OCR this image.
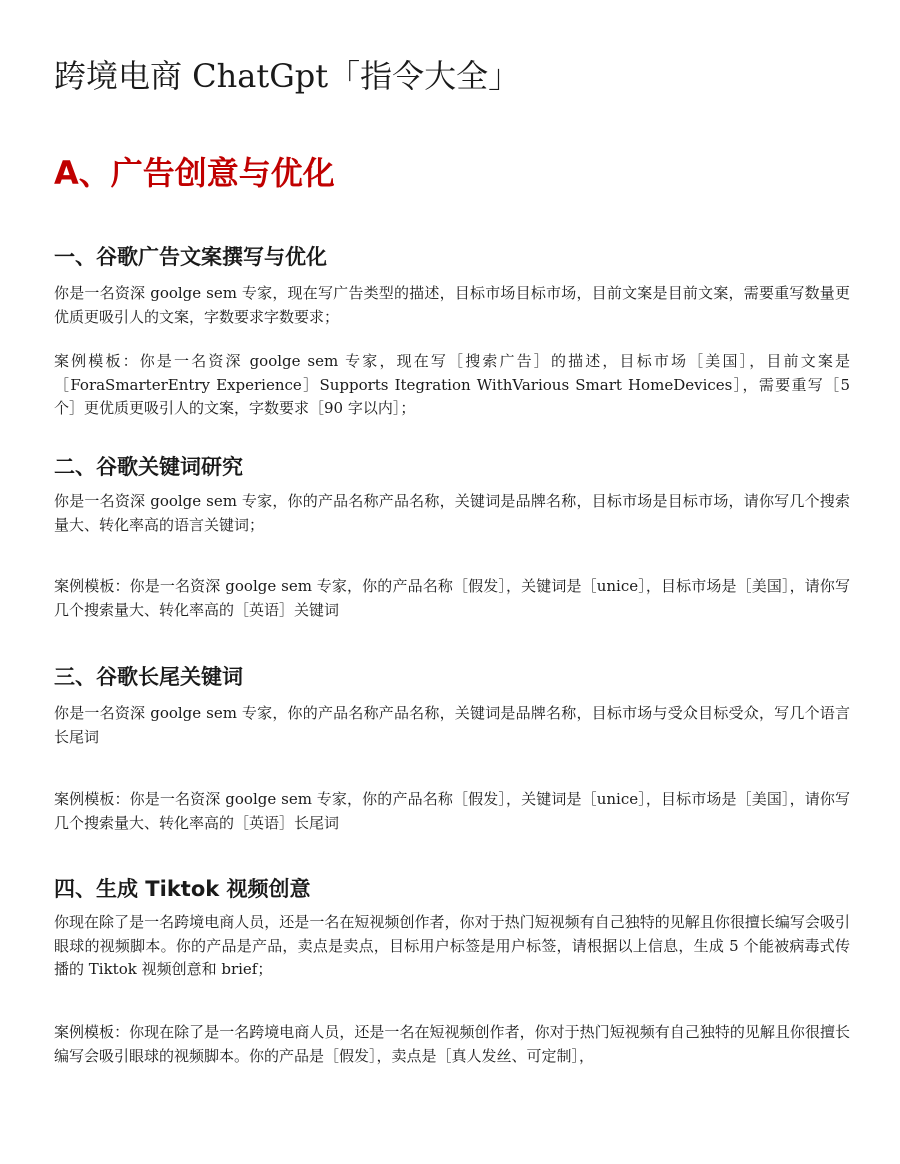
跨境电商 ChatGpt「指令大全」
A、广告创意与优化
一、谷歌广告文案撰写与优化

你是一名资深 goolge sem 专家，现在写广告类型的描述，目标市场目标市场，目前文案是目前文案，需要重写数量更优质更吸引人的文案，字数要求字数要求；

案例模板：你是一名资深 goolge sem 专家，现在写［搜索广告］的描述，目标市场［美国］，目前文案是［ForaSmarterEntry Experience］Supports Itegration WithVarious Smart HomeDevices］，需要重写［5 个］更优质更吸引人的文案，字数要求［90 字以内］；

二、谷歌关键词研究

你是一名资深 goolge sem 专家，你的产品名称产品名称，关键词是品牌名称，目标市场是目标市场，请你写几个搜索量大、转化率高的语言关键词；

案例模板：你是一名资深 goolge sem 专家，你的产品名称［假发］，关键词是［unice］，目标市场是［美国］，请你写几个搜索量大、转化率高的［英语］关键词

三、谷歌长尾关键词

你是一名资深 goolge sem 专家，你的产品名称产品名称，关键词是品牌名称，目标市场与受众目标受众，写几个语言长尾词

案例模板：你是一名资深 goolge sem 专家，你的产品名称［假发］，关键词是［unice］，目标市场是［美国］，请你写几个搜索量大、转化率高的［英语］长尾词

四、生成 Tiktok 视频创意

你现在除了是一名跨境电商人员，还是一名在短视频创作者，你对于热门短视频有自己独特的见解且你很擅长编写会吸引眼球的视频脚本。你的产品是产品，卖点是卖点，目标用户标签是用户标签，请根据以上信息，生成 5 个能被病毒式传播的 Tiktok 视频创意和 brief；

案例模板：你现在除了是一名跨境电商人员，还是一名在短视频创作者，你对于热门短视频有自己独特的见解且你很擅长编写会吸引眼球的视频脚本。你的产品是［假发］，卖点是［真人发丝、可定制］，
